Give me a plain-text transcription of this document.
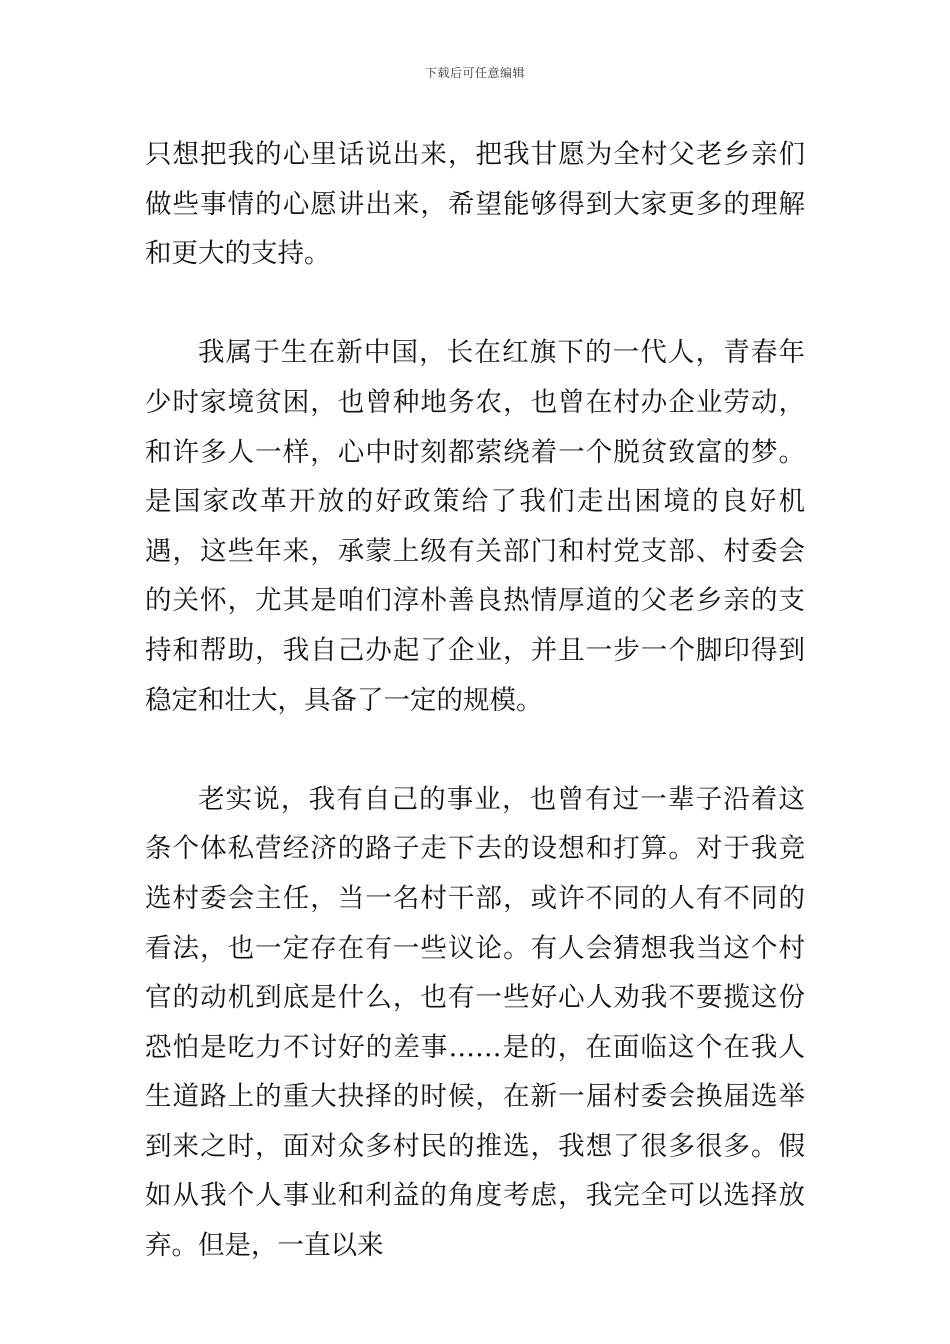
下载后可任意编辑

只想把我的心里话说出来，把我甘愿为全村父老乡亲们做些事情的心愿讲出来，希望能够得到大家更多的理解和更大的支持。

我属于生在新中国，长在红旗下的一代人，青春年少时家境贫困，也曾种地务农，也曾在村办企业劳动，和许多人一样，心中时刻都萦绕着一个脱贫致富的梦。是国家改革开放的好政策给了我们走出困境的良好机遇，这些年来，承蒙上级有关部门和村党支部、村委会的关怀，尤其是咱们淳朴善良热情厚道的父老乡亲的支持和帮助，我自己办起了企业，并且一步一个脚印得到稳定和壮大，具备了一定的规模。

老实说，我有自己的事业，也曾有过一辈子沿着这条个体私营经济的路子走下去的设想和打算。对于我竞选村委会主任，当一名村干部，或许不同的人有不同的看法，也一定存在有一些议论。有人会猜想我当这个村官的动机到底是什么，也有一些好心人劝我不要揽这份恐怕是吃力不讨好的差事……是的，在面临这个在我人生道路上的重大抉择的时候，在新一届村委会换届选举到来之时，面对众多村民的推选，我想了很多很多。假如从我个人事业和利益的角度考虑，我完全可以选择放弃。但是，一直以来
